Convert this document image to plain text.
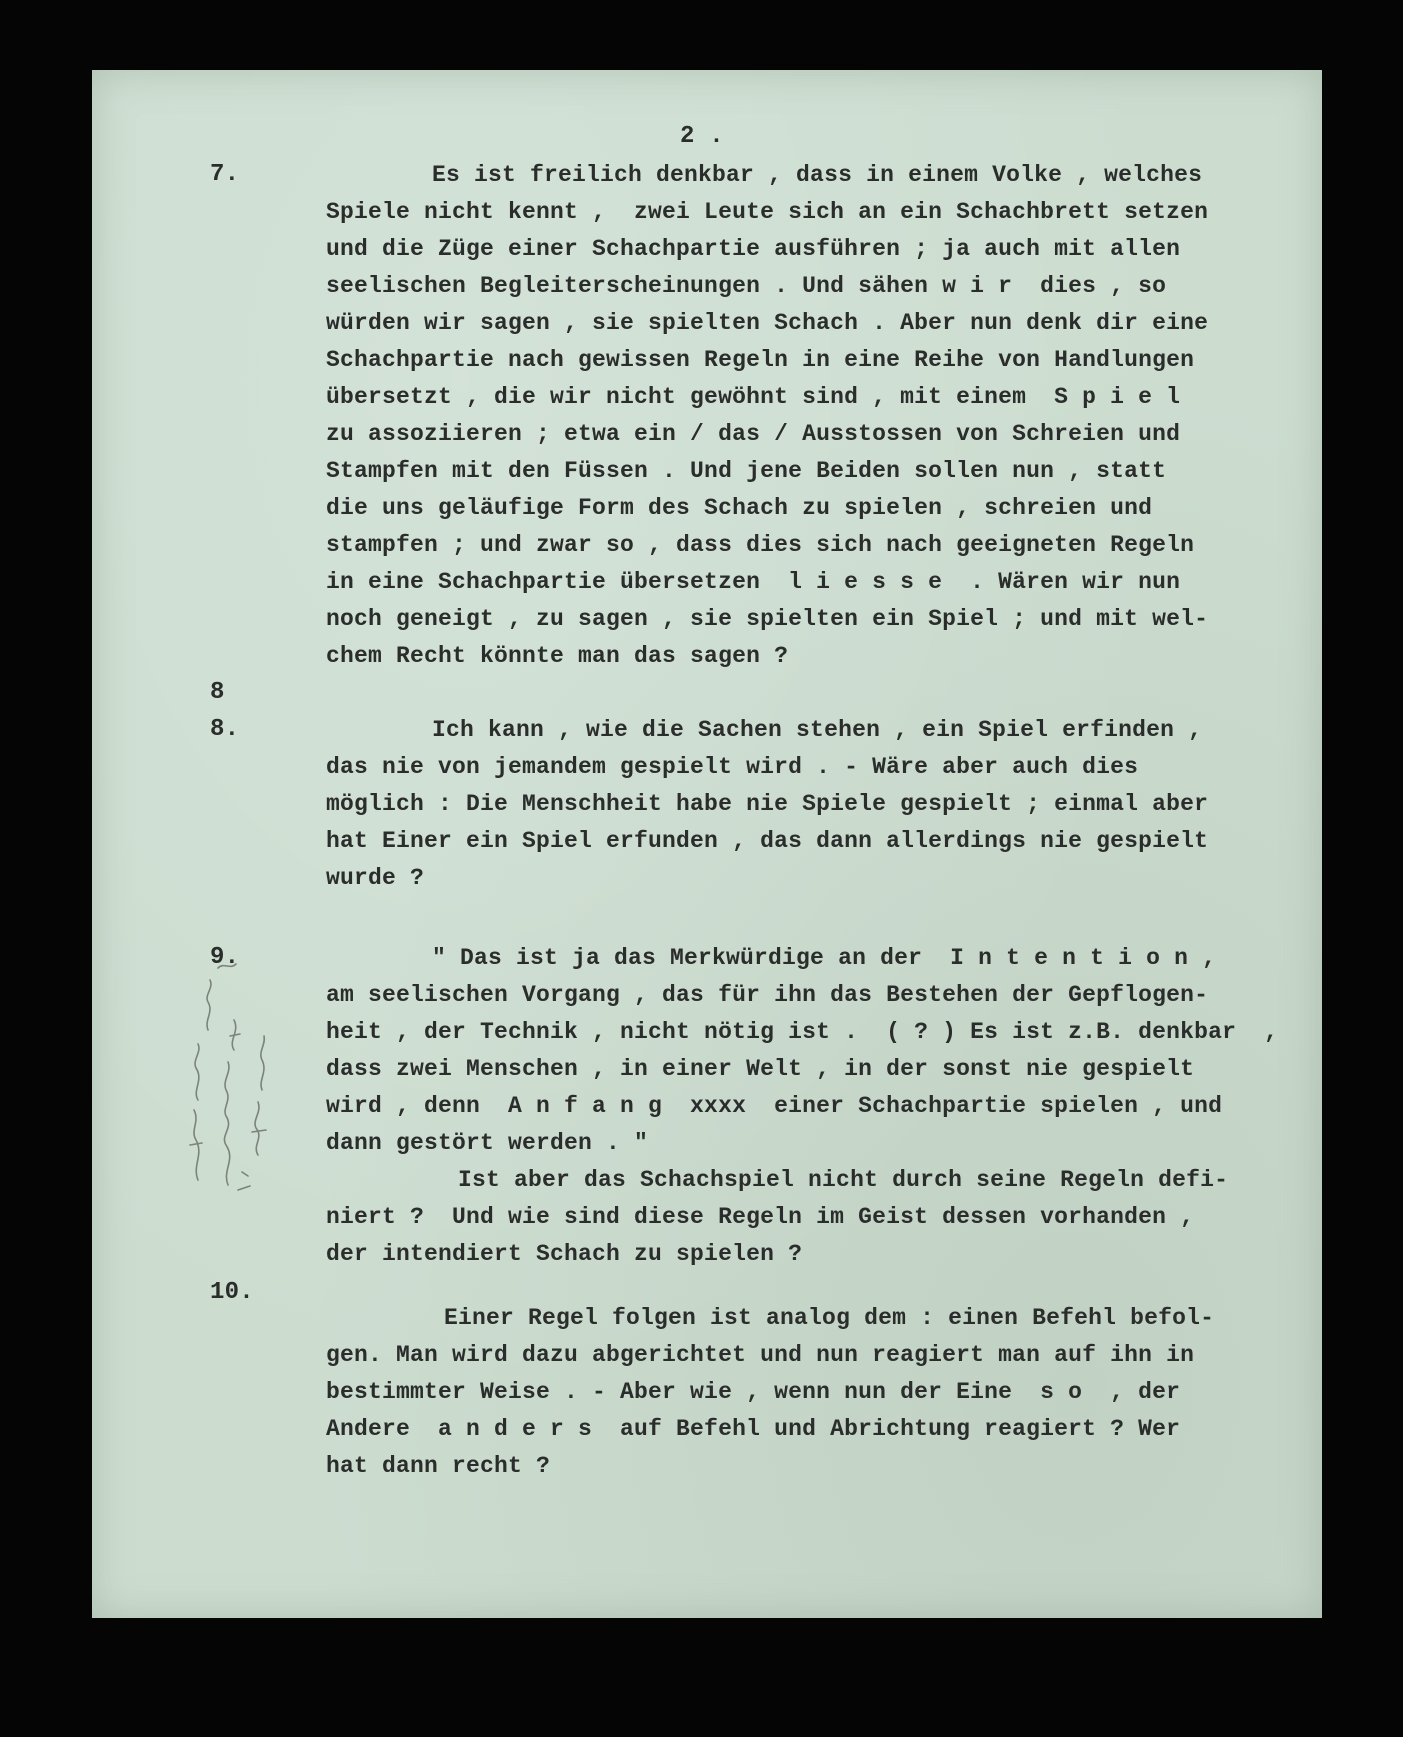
2 .
7.	Es ist freilich denkbar , dass in einem Volke , welches
Spiele nicht kennt ,  zwei Leute sich an ein Schachbrett setzen
und die Züge einer Schachpartie ausführen ; ja auch mit allen
seelischen Begleiterscheinungen . Und sähen w i r  dies , so
würden wir sagen , sie spielten Schach . Aber nun denk dir eine
Schachpartie nach gewissen Regeln in eine Reihe von Handlungen
übersetzt , die wir nicht gewöhnt sind , mit einem  S p i e l
zu assoziieren ; etwa ein / das / Ausstossen von Schreien und
Stampfen mit den Füssen . Und jene Beiden sollen nun , statt
die uns geläufige Form des Schach zu spielen , schreien und
stampfen ; und zwar so , dass dies sich nach geeigneten Regeln
in eine Schachpartie übersetzen  l i e s s e  . Wären wir nun
noch geneigt , zu sagen , sie spielten ein Spiel ; und mit wel-
chem Recht könnte man das sagen ?
8
8.	Ich kann , wie die Sachen stehen , ein Spiel erfinden ,
das nie von jemandem gespielt wird . - Wäre aber auch dies
möglich : Die Menschheit habe nie Spiele gespielt ; einmal aber
hat Einer ein Spiel erfunden , das dann allerdings nie gespielt
wurde ?
9.	" Das ist ja das Merkwürdige an der  I n t e n t i o n ,
am seelischen Vorgang , das für ihn das Bestehen der Gepflogen-
heit , der Technik , nicht nötig ist .  ( ? ) Es ist z.B. denkbar  ,
dass zwei Menschen , in einer Welt , in der sonst nie gespielt
wird , denn  A n f a n g  xxxx  einer Schachpartie spielen , und
dann gestört werden . "
Ist aber das Schachspiel nicht durch seine Regeln defi-
niert ?  Und wie sind diese Regeln im Geist dessen vorhanden ,
der intendiert Schach zu spielen ?
10.
Einer Regel folgen ist analog dem : einen Befehl befol-
gen. Man wird dazu abgerichtet und nun reagiert man auf ihn in
bestimmter Weise . - Aber wie , wenn nun der Eine  s o  , der
Andere  a n d e r s  auf Befehl und Abrichtung reagiert ? Wer
hat dann recht ?
